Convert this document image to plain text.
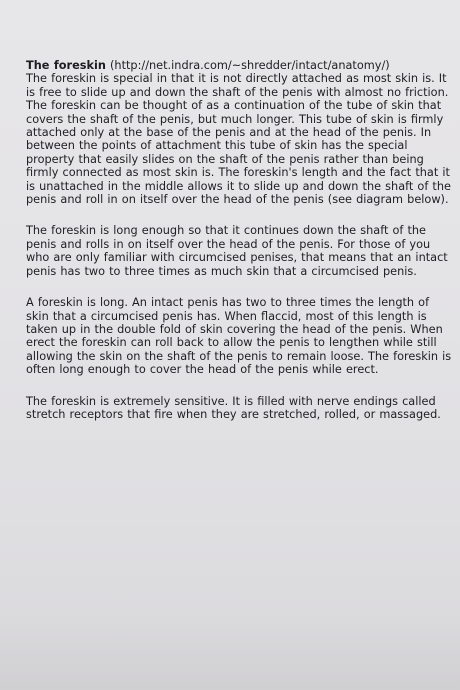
The foreskin (http://net.indra.com/~shredder/intact/anatomy/)
The foreskin is special in that it is not directly attached as most skin is. It is free to slide up and down the shaft of the penis with almost no friction. The foreskin can be thought of as a continuation of the tube of skin that covers the shaft of the penis, but much longer. This tube of skin is firmly attached only at the base of the penis and at the head of the penis. In between the points of attachment this tube of skin has the special property that easily slides on the shaft of the penis rather than being firmly connected as most skin is. The foreskin's length and the fact that it is unattached in the middle allows it to slide up and down the shaft of the penis and roll in on itself over the head of the penis (see diagram below).

The foreskin is long enough so that it continues down the shaft of the penis and rolls in on itself over the head of the penis. For those of you who are only familiar with circumcised penises, that means that an intact penis has two to three times as much skin that a circumcised penis.

A foreskin is long. An intact penis has two to three times the length of skin that a circumcised penis has. When flaccid, most of this length is taken up in the double fold of skin covering the head of the penis. When erect the foreskin can roll back to allow the penis to lengthen while still allowing the skin on the shaft of the penis to remain loose. The foreskin is often long enough to cover the head of the penis while erect.

The foreskin is extremely sensitive. It is filled with nerve endings called stretch receptors that fire when they are stretched, rolled, or massaged.
